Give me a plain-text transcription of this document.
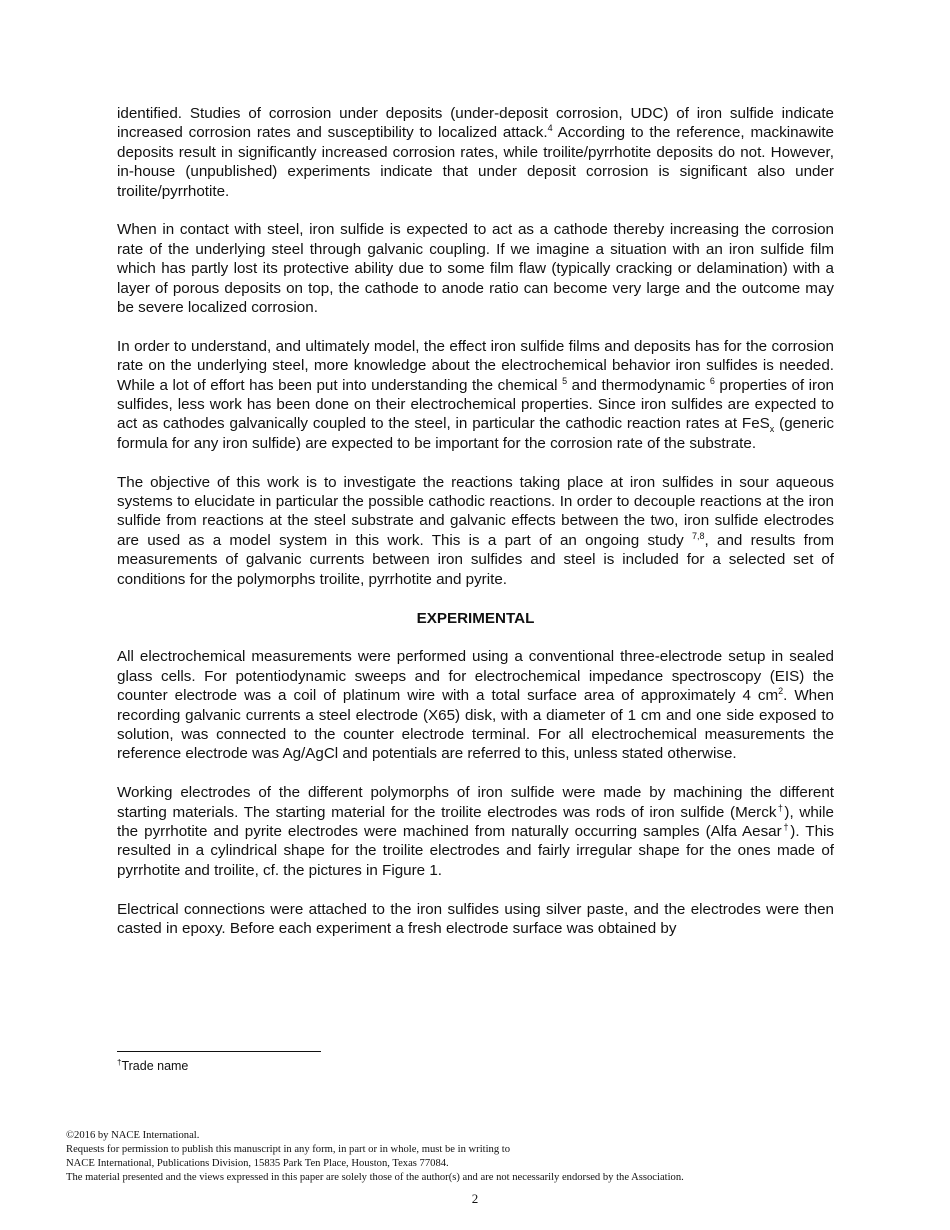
identified. Studies of corrosion under deposits (under-deposit corrosion, UDC) of iron sulfide indicate increased corrosion rates and susceptibility to localized attack.$^4$ According to the reference, mackinawite deposits result in significantly increased corrosion rates, while troilite/pyrrhotite deposits do not. However, in-house (unpublished) experiments indicate that under deposit corrosion is significant also under troilite/pyrrhotite.

When in contact with steel, iron sulfide is expected to act as a cathode thereby increasing the corrosion rate of the underlying steel through galvanic coupling. If we imagine a situation with an iron sulfide film which has partly lost its protective ability due to some film flaw (typically cracking or delamination) with a layer of porous deposits on top, the cathode to anode ratio can become very large and the outcome may be severe localized corrosion.

In order to understand, and ultimately model, the effect iron sulfide films and deposits has for the corrosion rate on the underlying steel, more knowledge about the electrochemical behavior iron sulfides is needed. While a lot of effort has been put into understanding the chemical $^5$ and thermodynamic $^6$ properties of iron sulfides, less work has been done on their electrochemical properties. Since iron sulfides are expected to act as cathodes galvanically coupled to the steel, in particular the cathodic reaction rates at FeS$_x$ (generic formula for any iron sulfide) are expected to be important for the corrosion rate of the substrate.

The objective of this work is to investigate the reactions taking place at iron sulfides in sour aqueous systems to elucidate in particular the possible cathodic reactions. In order to decouple reactions at the iron sulfide from reactions at the steel substrate and galvanic effects between the two, iron sulfide electrodes are used as a model system in this work. This is a part of an ongoing study $^{7,8}$, and results from measurements of galvanic currents between iron sulfides and steel is included for a selected set of conditions for the polymorphs troilite, pyrrhotite and pyrite.

EXPERIMENTAL

All electrochemical measurements were performed using a conventional three-electrode setup in sealed glass cells. For potentiodynamic sweeps and for electrochemical impedance spectroscopy (EIS) the counter electrode was a coil of platinum wire with a total surface area of approximately 4 $cm^2$. When recording galvanic currents a steel electrode (X65) disk, with a diameter of 1 cm and one side exposed to solution, was connected to the counter electrode terminal. For all electrochemical measurements the reference electrode was Ag/AgCl and potentials are referred to this, unless stated otherwise.

Working electrodes of the different polymorphs of iron sulfide were made by machining the different starting materials. The starting material for the troilite electrodes was rods of iron sulfide (Merck†), while the pyrrhotite and pyrite electrodes were machined from naturally occurring samples (Alfa Aesar†). This resulted in a cylindrical shape for the troilite electrodes and fairly irregular shape for the ones made of pyrrhotite and troilite, cf. the pictures in Figure 1.

Electrical connections were attached to the iron sulfides using silver paste, and the electrodes were then casted in epoxy. Before each experiment a fresh electrode surface was obtained by

†Trade name
©2016 by NACE International.
Requests for permission to publish this manuscript in any form, in part or in whole, must be in writing to
NACE International, Publications Division, 15835 Park Ten Place, Houston, Texas 77084.
The material presented and the views expressed in this paper are solely those of the author(s) and are not necessarily endorsed by the Association.
2
